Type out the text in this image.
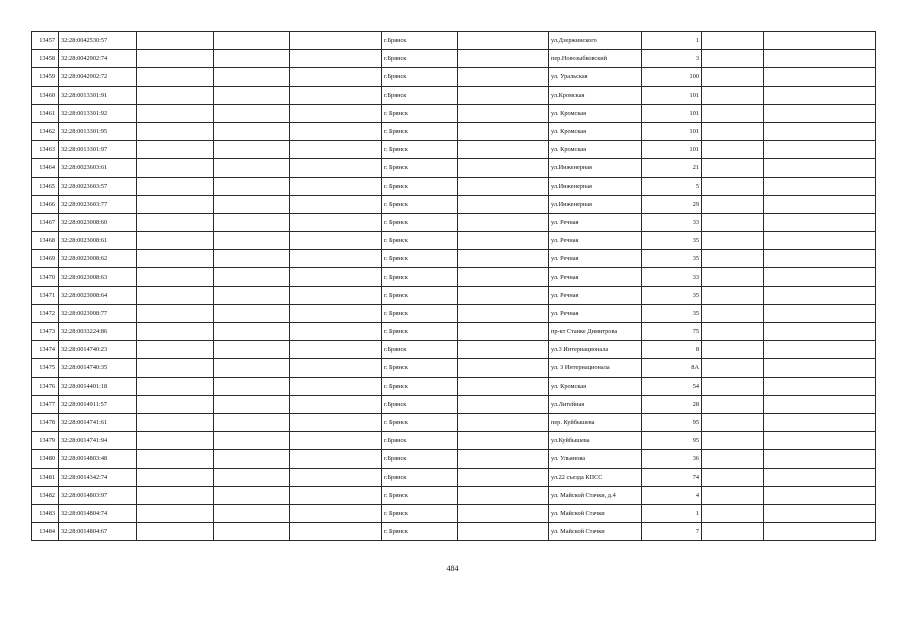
13457	32:28:0042530:57				г.Брянск		ул.Дзержинского	1		
13458	32:28:0042902:74				г.Брянск		пер.Новозыбковский	3		
13459	32:28:0042902:72				г.Брянск		ул. Уральская	100		
13460	32:28:0013301:91				г.Брянск		ул.Кромская	101		
13461	32:28:0013301:92				г. Брянск		ул. Кромская	101		
13462	32:28:0013301:95				г. Брянск		ул. Кромская	101		
13463	32:28:0013301:97				г. Брянск		ул. Кромская	101		
13464	32:28:0023603:61				г. Брянск		ул.Инженерная	21		
13465	32:28:0023603:57				г. Брянск		ул.Инженерная	5		
13466	32:28:0023603:77				г. Брянск		ул.Инженерная	29		
13467	32:28:0023008:60				г. Брянск		ул. Речная	33		
13468	32:28:0023008:61				г. Брянск		ул. Речная	35		
13469	32:28:0023008:62				г. Брянск		ул. Речная	35		
13470	32:28:0023008:63				г. Брянск		ул. Речная	33		
13471	32:28:0023008:64				г. Брянск		ул. Речная	35		
13472	32:28:0023008:77				г. Брянск		ул. Речная	35		
13473	32:28:0033224:86				г. Брянск		пр-кт Станке Димитрова	75		
13474	32:28:0014740:23				г.Брянск		ул.3 Интернационала	8		
13475	32:28:0014740:35				г. Брянск		ул. 3 Интернационала	8А		
13476	32:28:0014401:18				г. Брянск		ул. Кромская	54		
13477	32:28:0014911:57				г.Брянск		ул.Литейная	28		
13478	32:28:0014741:61				г. Брянск		пер. Куйбышева	95		
13479	32:28:0014741:94				г.Брянск		ул.Куйбышева	95		
13480	32:28:0014803:48				г.Брянск		ул. Ульянова	36		
13481	32:28:0014342:74				г.Брянск		ул.22 съезда КПСС	74		
13482	32:28:0014803:97				г. Брянск		ул. Майской Стачки, д.4	4		
13483	32:28:0014804:74				г. Брянск		ул. Майской Стачки	1		
13484	32:28:0014804:67				г. Брянск		ул. Майской Стачки	7		
484
